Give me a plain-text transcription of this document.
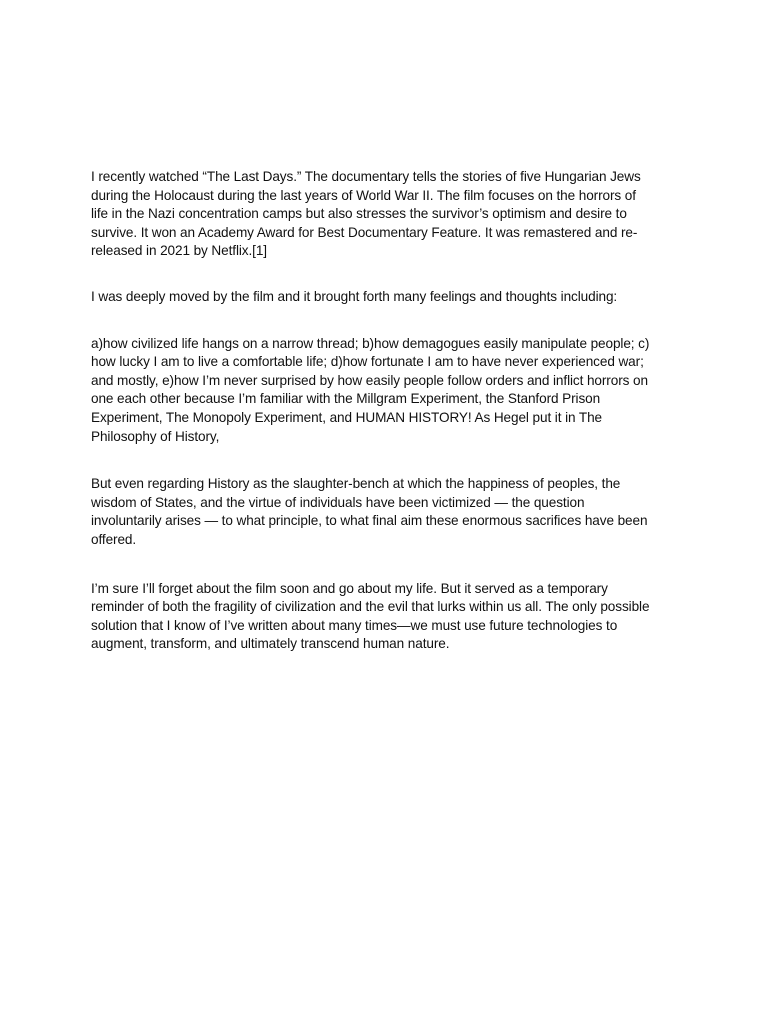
I recently watched “The Last Days.” The documentary tells the stories of five Hungarian Jews
during the Holocaust during the last years of World War II. The film focuses on the horrors of
life in the Nazi concentration camps but also stresses the survivor’s optimism and desire to
survive. It won an Academy Award for Best Documentary Feature. It was remastered and re-
released in 2021 by Netflix.[1]

I was deeply moved by the film and it brought forth many feelings and thoughts including:

a)how civilized life hangs on a narrow thread; b)how demagogues easily manipulate people; c)
how lucky I am to live a comfortable life; d)how fortunate I am to have never experienced war;
and mostly, e)how I’m never surprised by how easily people follow orders and inflict horrors on
one each other because I’m familiar with the Millgram Experiment, the Stanford Prison
Experiment, The Monopoly Experiment, and HUMAN HISTORY! As Hegel put it in The
Philosophy of History,

But even regarding History as the slaughter-bench at which the happiness of peoples, the
wisdom of States, and the virtue of individuals have been victimized — the question
involuntarily arises — to what principle, to what final aim these enormous sacrifices have been
offered.

I’m sure I’ll forget about the film soon and go about my life. But it served as a temporary
reminder of both the fragility of civilization and the evil that lurks within us all. The only possible
solution that I know of I’ve written about many times—we must use future technologies to
augment, transform, and ultimately transcend human nature.
